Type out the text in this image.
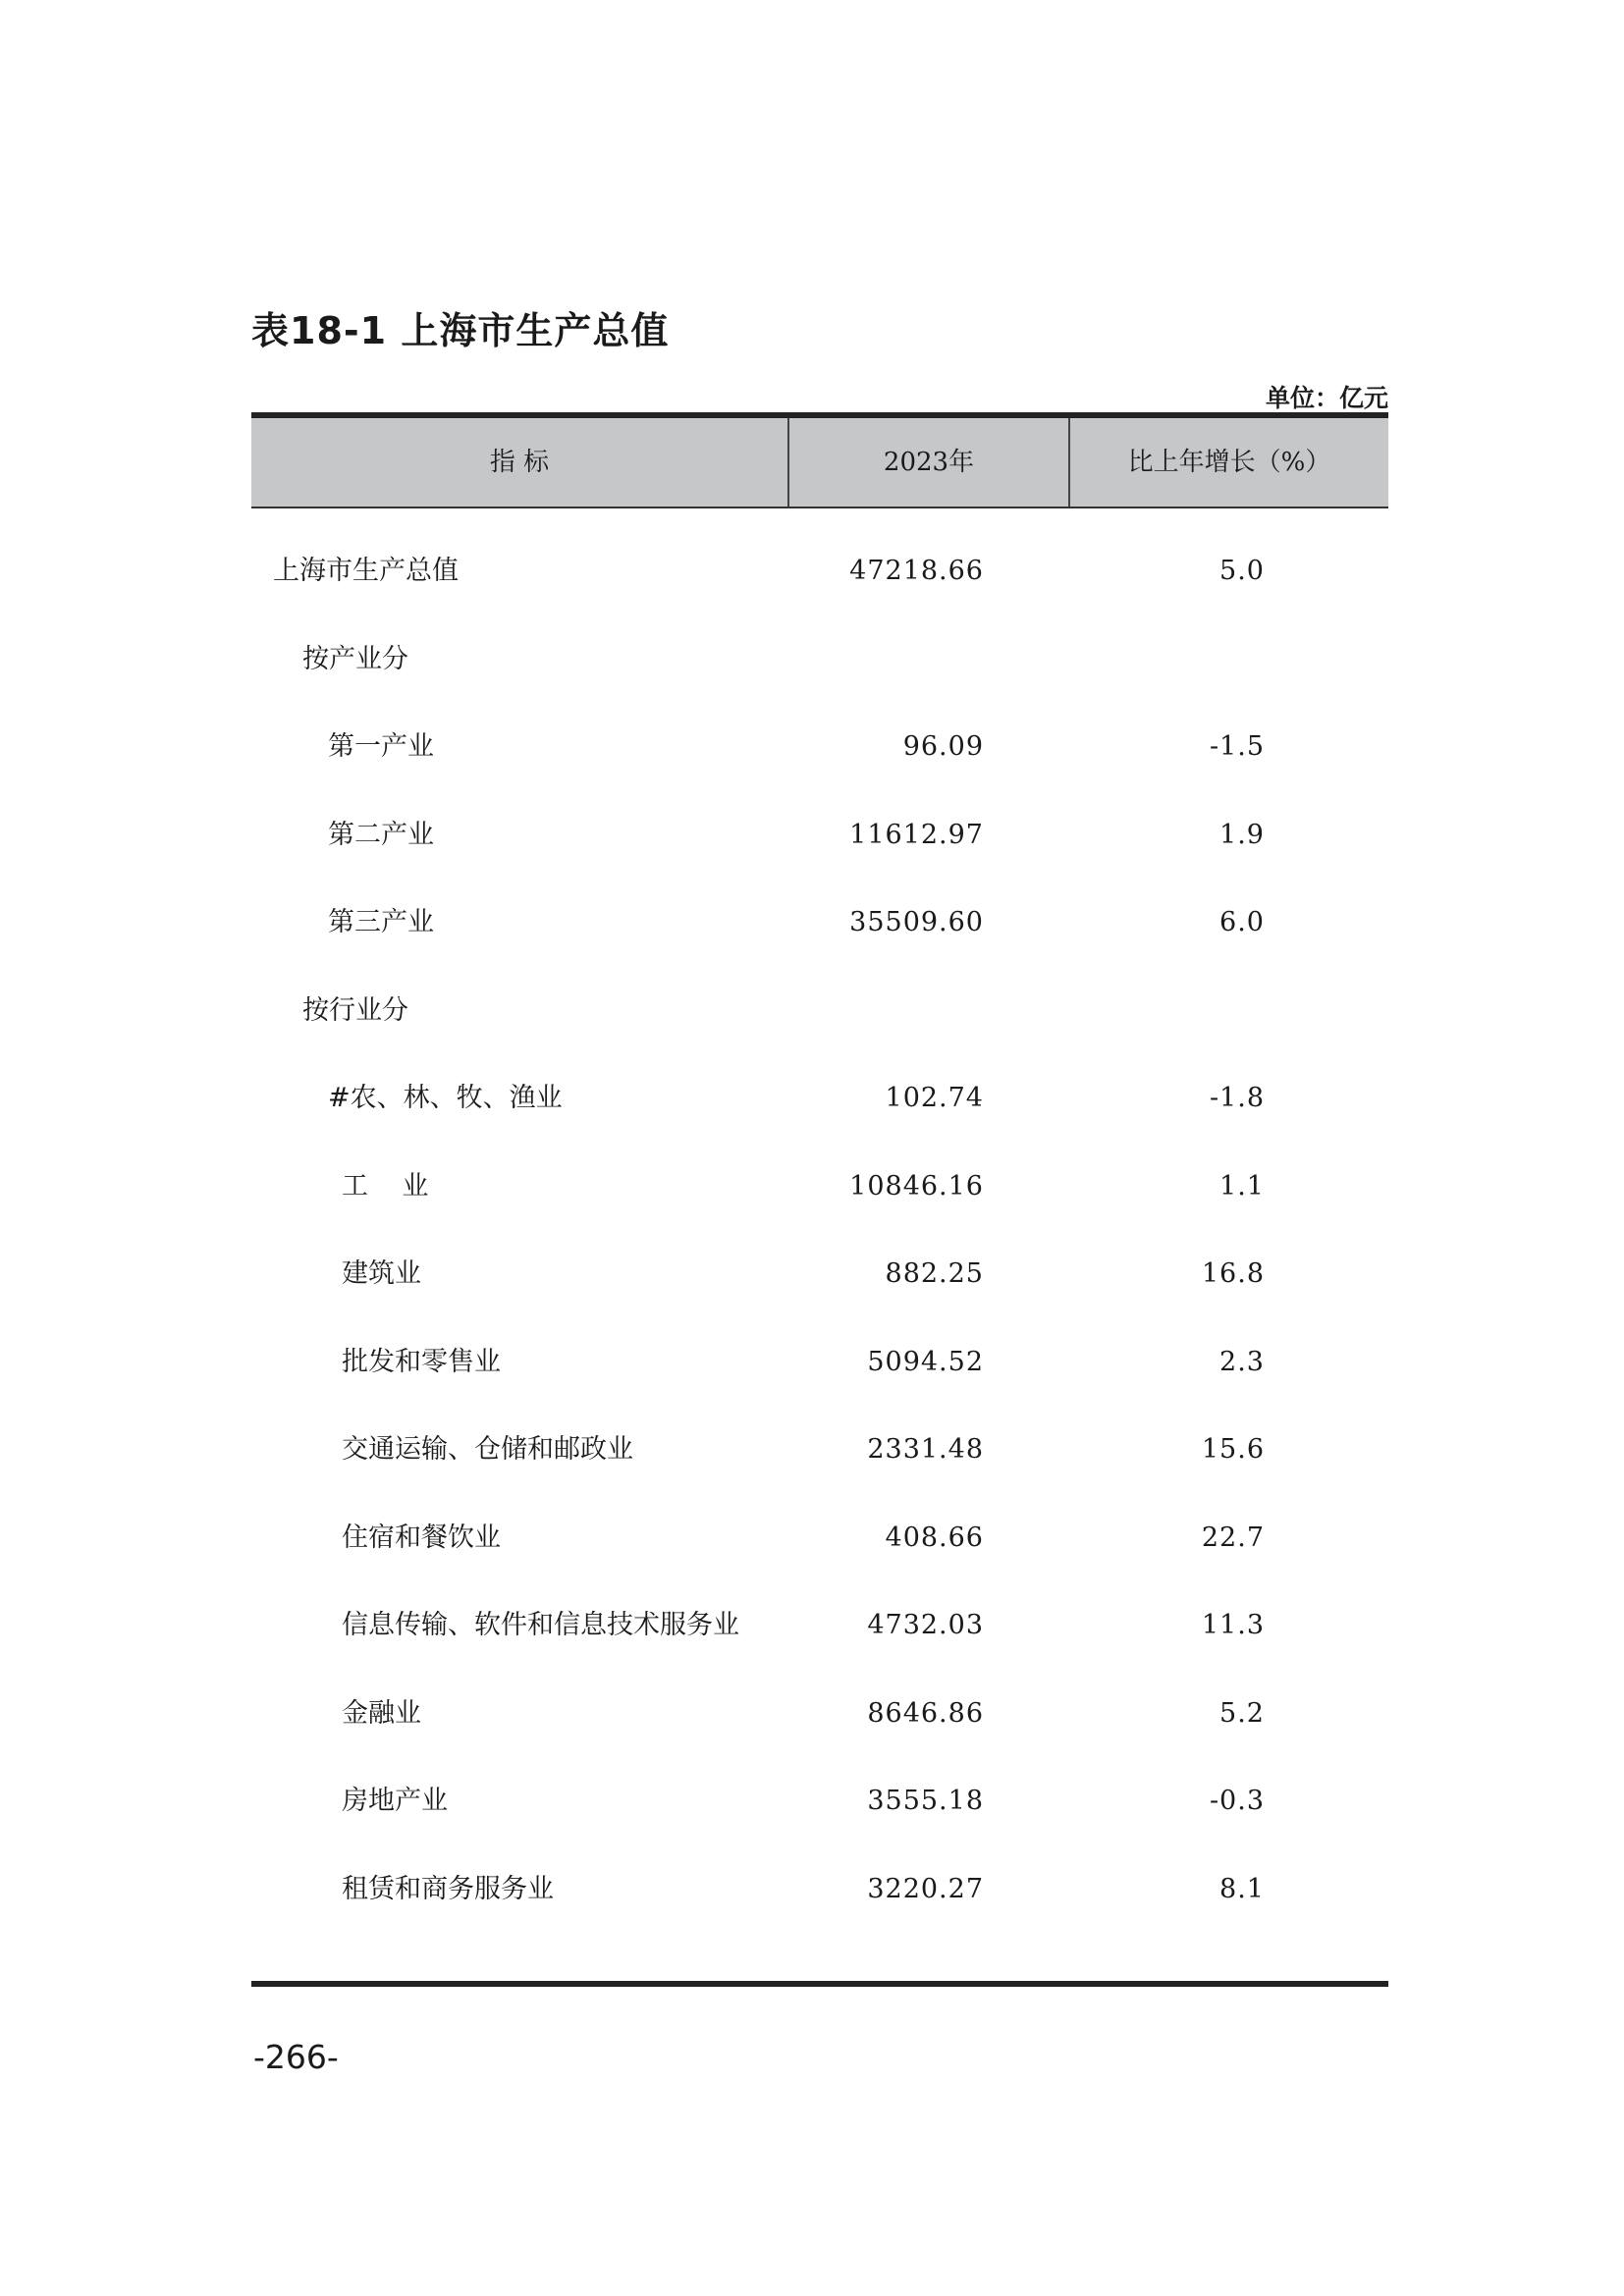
表18-1 上海市生产总值
单位：亿元
指 标	2023年	比上年增长（%）
上海市生产总值	47218.66	5.0
按产业分
第一产业	96.09	-1.5
第二产业	11612.97	1.9
第三产业	35509.60	6.0
按行业分
#农、林、牧、渔业	102.74	-1.8
工    业	10846.16	1.1
建筑业	882.25	16.8
批发和零售业	5094.52	2.3
交通运输、仓储和邮政业	2331.48	15.6
住宿和餐饮业	408.66	22.7
信息传输、软件和信息技术服务业	4732.03	11.3
金融业	8646.86	5.2
房地产业	3555.18	-0.3
租赁和商务服务业	3220.27	8.1
-266-
